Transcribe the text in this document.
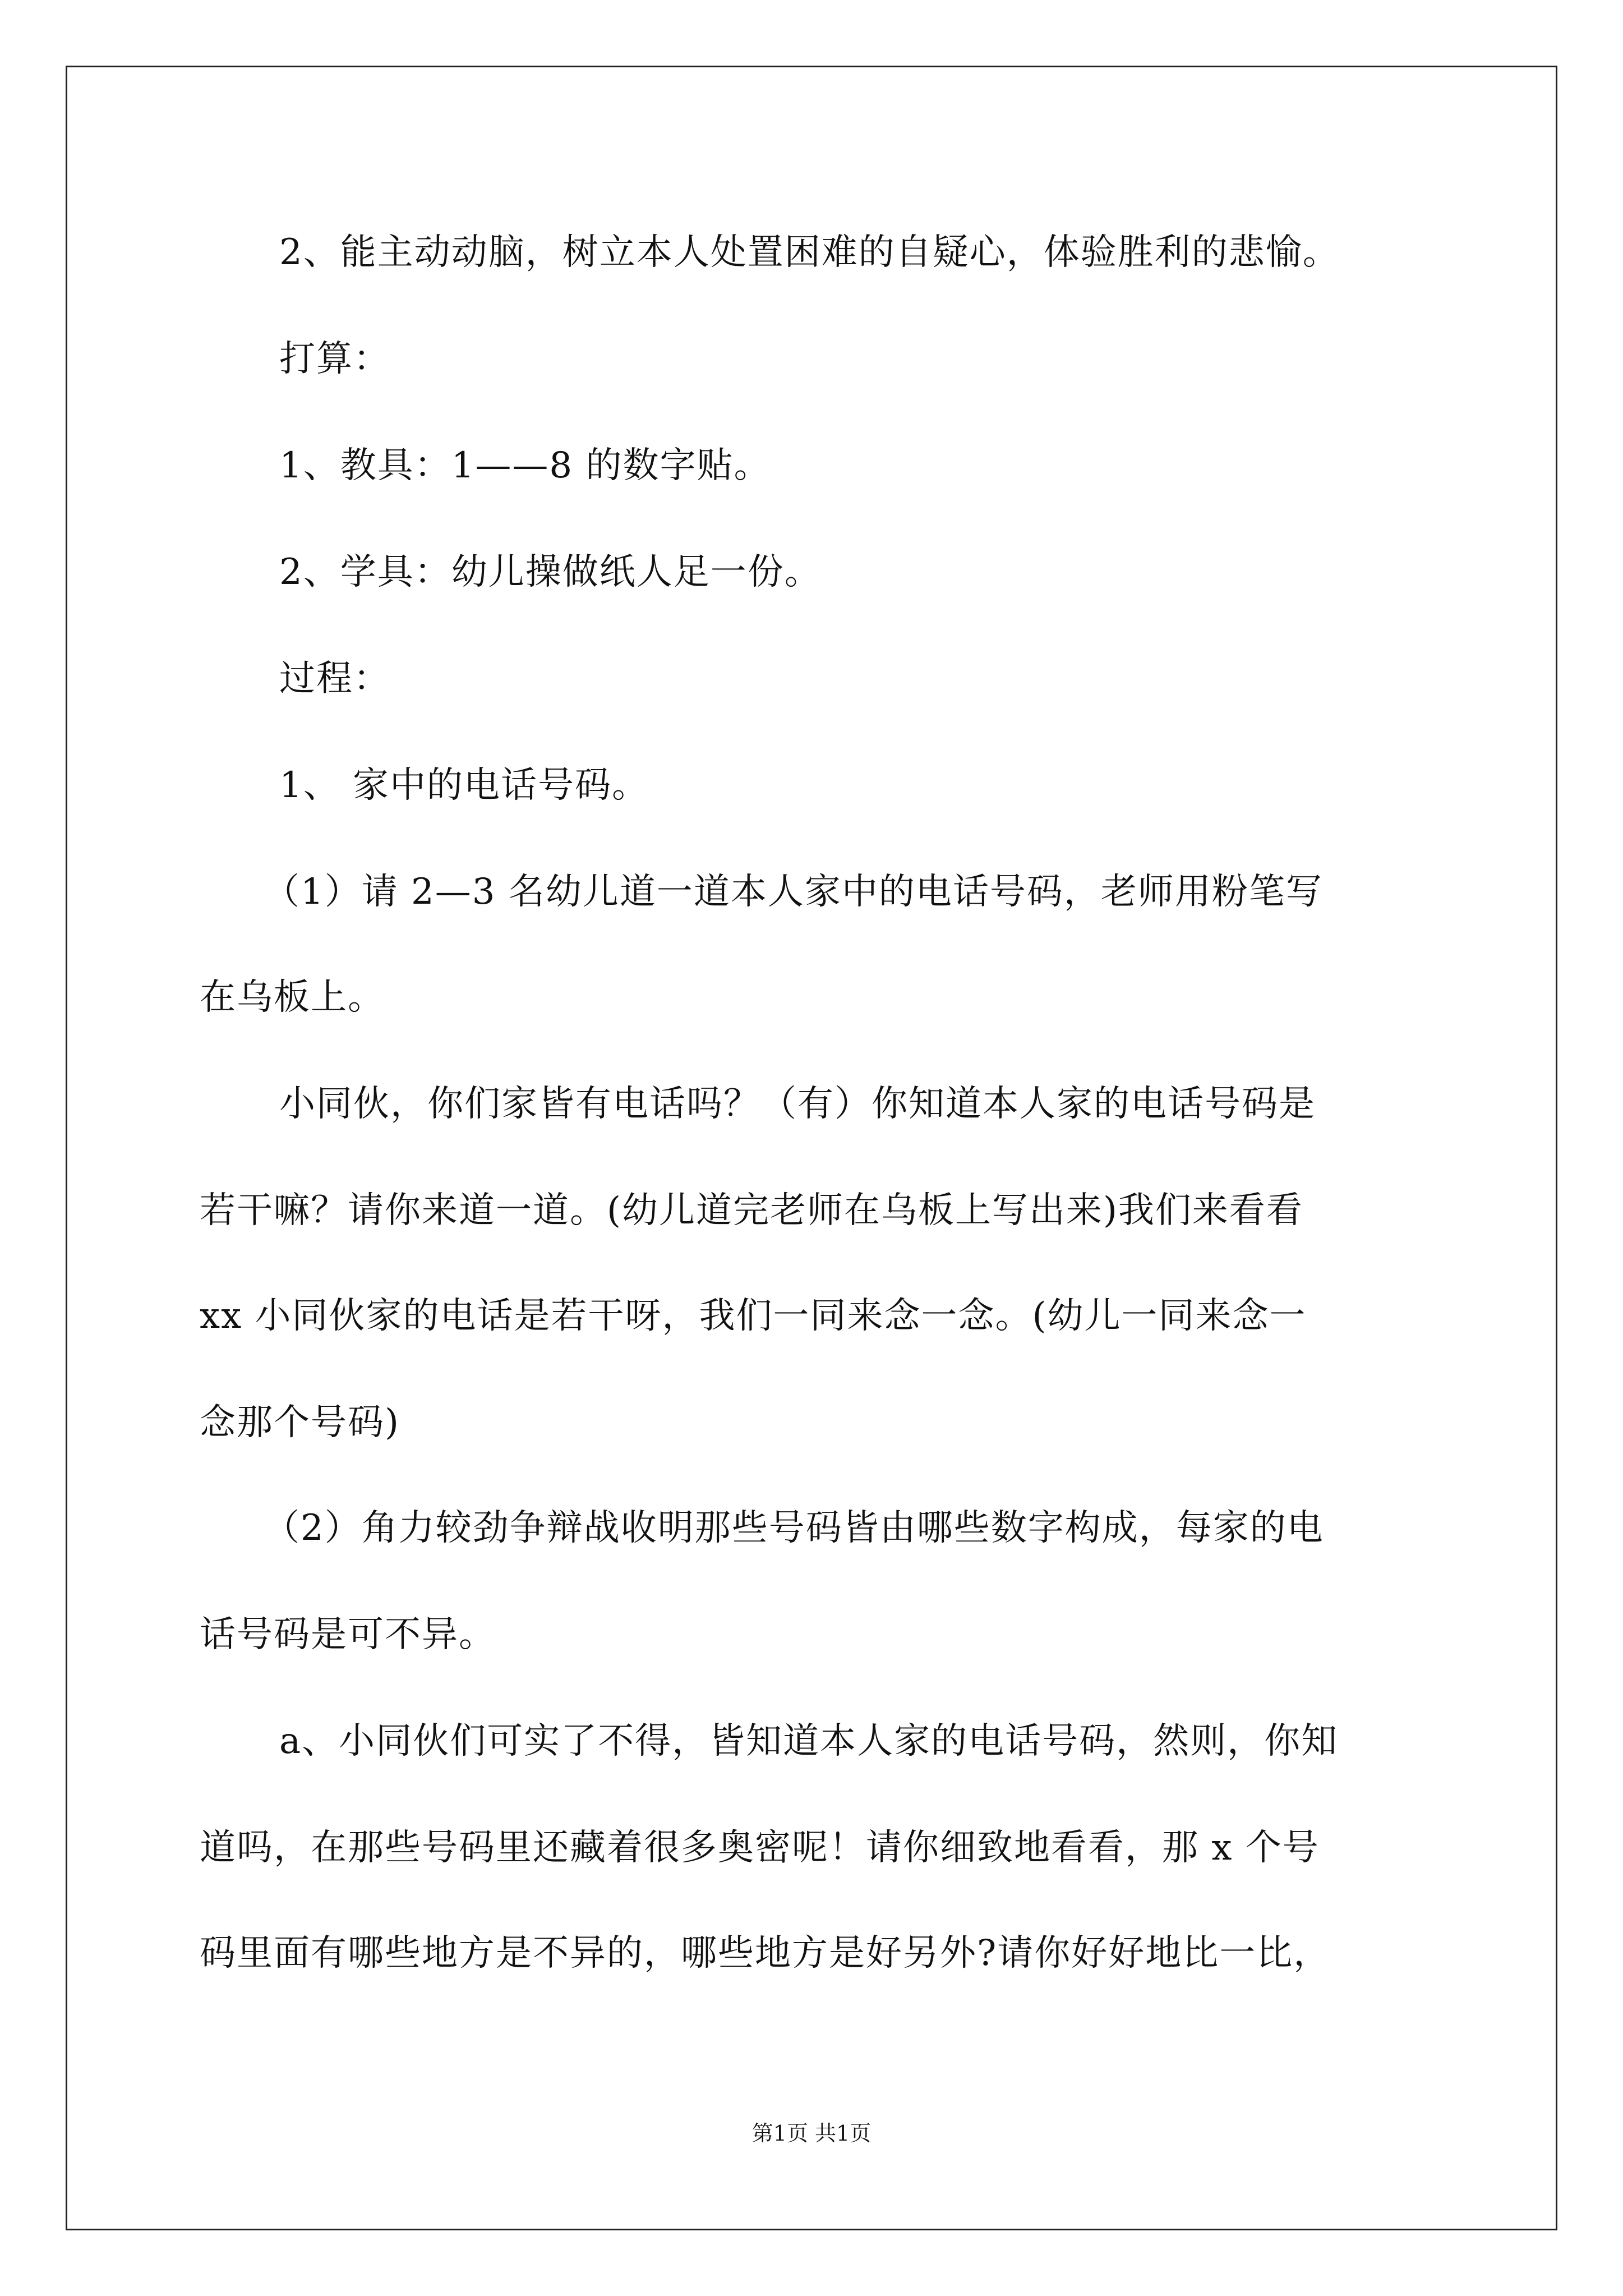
2、能主动动脑，树立本人处置困难的自疑心，体验胜利的悲愉。
打算：
1、教具：1——8 的数字贴。
2、学具：幼儿操做纸人足一份。
过程：
1、 家中的电话号码。
（1）请 2—3 名幼儿道一道本人家中的电话号码，老师用粉笔写
在乌板上。
小同伙，你们家皆有电话吗？（有）你知道本人家的电话号码是
若干嘛？请你来道一道。(幼儿道完老师在乌板上写出来)我们来看看
xx 小同伙家的电话是若干呀，我们一同来念一念。(幼儿一同来念一
念那个号码)
（2）角力较劲争辩战收明那些号码皆由哪些数字构成，每家的电
话号码是可不异。
a、小同伙们可实了不得，皆知道本人家的电话号码，然则，你知
道吗，在那些号码里还藏着很多奥密呢！请你细致地看看，那 x 个号
码里面有哪些地方是不异的，哪些地方是好另外?请你好好地比一比，
第1页 共1页
